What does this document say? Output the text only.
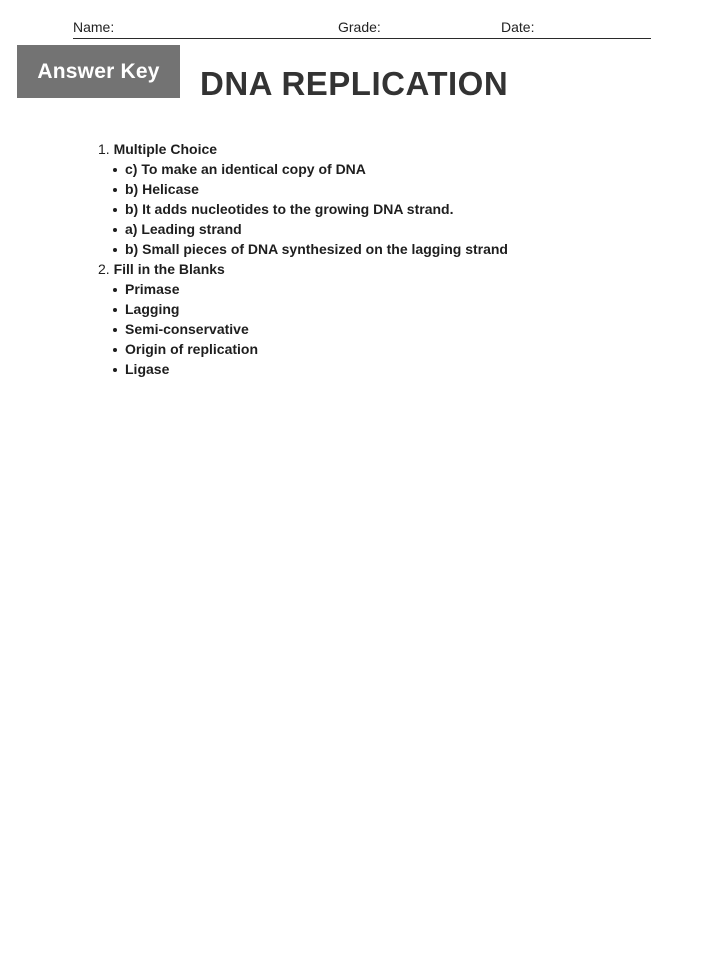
Name:	Grade:	Date:
Answer Key	DNA REPLICATION
1. Multiple Choice
c) To make an identical copy of DNA
b) Helicase
b) It adds nucleotides to the growing DNA strand.
a) Leading strand
b) Small pieces of DNA synthesized on the lagging strand
2. Fill in the Blanks
Primase
Lagging
Semi-conservative
Origin of replication
Ligase
